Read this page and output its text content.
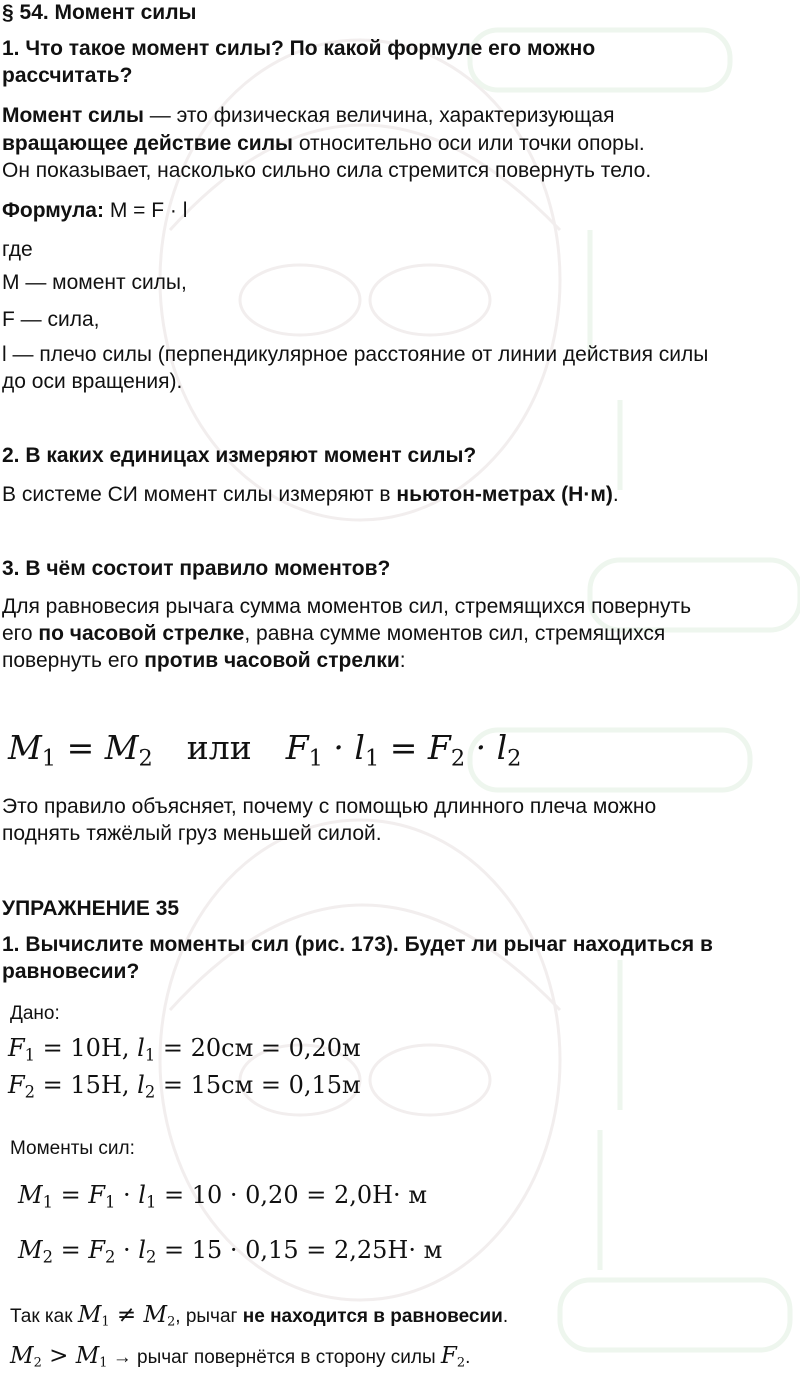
§ 54. Момент силы
1. Что такое момент силы? По какой формуле его можно
рассчитать?
Момент силы — это физическая величина, характеризующая
вращающее действие силы относительно оси или точки опоры.
Он показывает, насколько сильно сила стремится повернуть тело.
Формула: M = F · l
где
M — момент силы,
F — сила,
l — плечо силы (перпендикулярное расстояние от линии действия силы
до оси вращения).
2. В каких единицах измеряют момент силы?
В системе СИ момент силы измеряют в ньютон-метрах (Н·м).
3. В чём состоит правило моментов?
Для равновесия рычага сумма моментов сил, стремящихся повернуть
его по часовой стрелке, равна сумме моментов сил, стремящихся
повернуть его против часовой стрелки:
$M_1 = M_2$ или $F_1 \cdot l_1 = F_2 \cdot l_2$
Это правило объясняет, почему с помощью длинного плеча можно
поднять тяжёлый груз меньшей силой.
УПРАЖНЕНИЕ 35
1. Вычислите моменты сил (рис. 173). Будет ли рычаг находиться в
равновесии?
Дано:
$F_1 = 10Н$, $l_1 = 20см = 0,20м$
$F_2 = 15Н$, $l_2 = 15см = 0,15м$
Моменты сил:
$M_1 = F_1 \cdot l_1 = 10 \cdot 0,20 = 2,0Н\cdot м$
$M_2 = F_2 \cdot l_2 = 15 \cdot 0,15 = 2,25Н\cdot м$
Так как $M_1 \ne M_2$, рычаг не находится в равновесии.
$M_2 > M_1$ → рычаг повернётся в сторону силы $F_2$.
